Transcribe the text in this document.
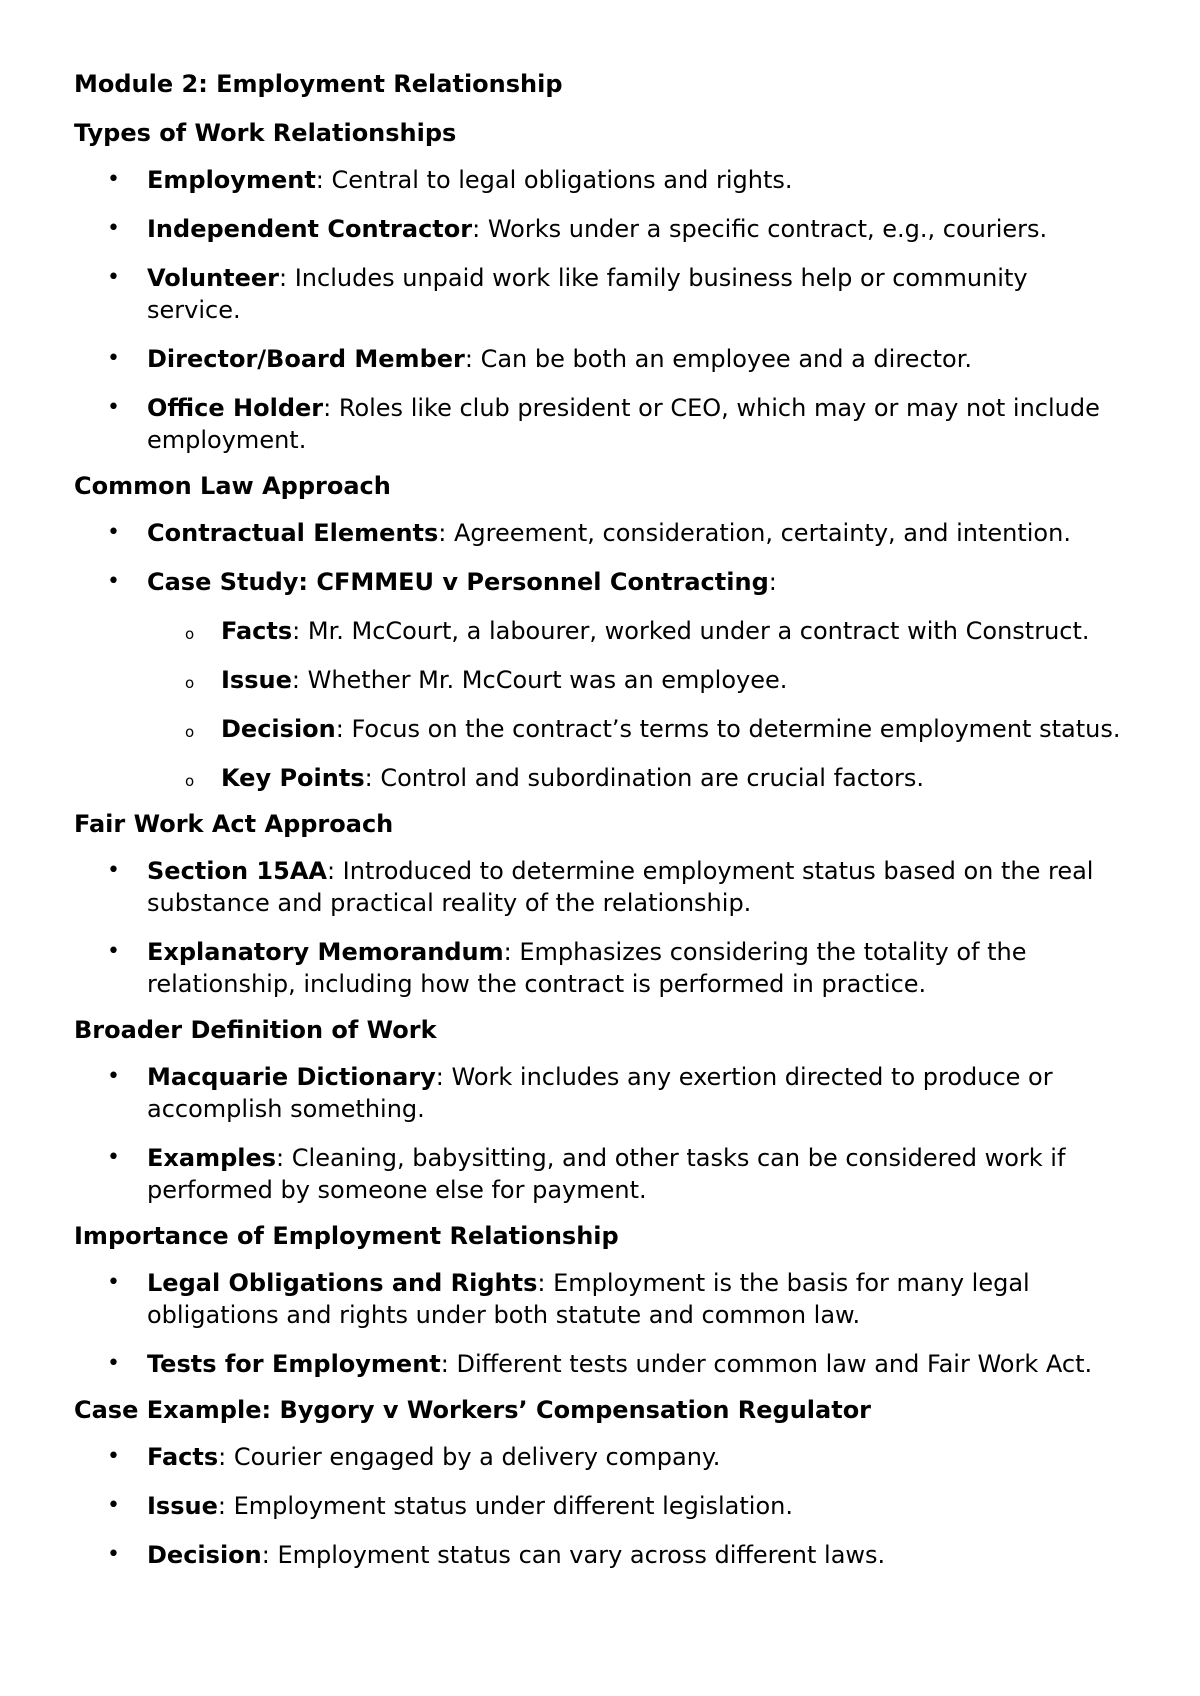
Module 2: Employment Relationship

Types of Work Relationships

• Employment: Central to legal obligations and rights.
• Independent Contractor: Works under a specific contract, e.g., couriers.
• Volunteer: Includes unpaid work like family business help or community service.
• Director/Board Member: Can be both an employee and a director.
• Office Holder: Roles like club president or CEO, which may or may not include employment.

Common Law Approach

• Contractual Elements: Agreement, consideration, certainty, and intention.
• Case Study: CFMMEU v Personnel Contracting:
o Facts: Mr. McCourt, a labourer, worked under a contract with Construct.
o Issue: Whether Mr. McCourt was an employee.
o Decision: Focus on the contract’s terms to determine employment status.
o Key Points: Control and subordination are crucial factors.

Fair Work Act Approach

• Section 15AA: Introduced to determine employment status based on the real substance and practical reality of the relationship.
• Explanatory Memorandum: Emphasizes considering the totality of the relationship, including how the contract is performed in practice.

Broader Definition of Work

• Macquarie Dictionary: Work includes any exertion directed to produce or accomplish something.
• Examples: Cleaning, babysitting, and other tasks can be considered work if performed by someone else for payment.

Importance of Employment Relationship

• Legal Obligations and Rights: Employment is the basis for many legal obligations and rights under both statute and common law.
• Tests for Employment: Different tests under common law and Fair Work Act.

Case Example: Bygory v Workers’ Compensation Regulator

• Facts: Courier engaged by a delivery company.
• Issue: Employment status under different legislation.
• Decision: Employment status can vary across different laws.
